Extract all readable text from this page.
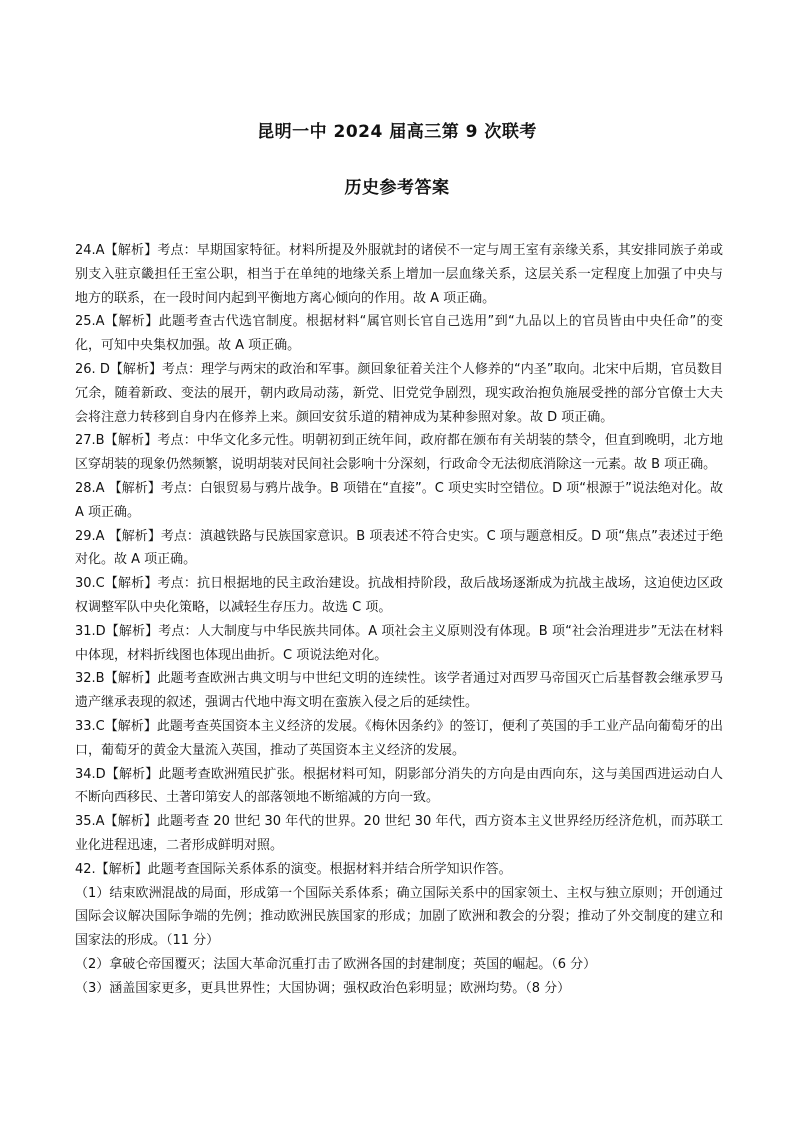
昆明一中 2024 届高三第 9 次联考
历史参考答案

24.A【解析】考点：早期国家特征。材料所提及外服就封的诸侯不一定与周王室有亲缘关系，其安排同族子弟或别支入驻京畿担任王室公职，相当于在单纯的地缘关系上增加一层血缘关系，这层关系一定程度上加强了中央与地方的联系，在一段时间内起到平衡地方离心倾向的作用。故 A 项正确。

25.A【解析】此题考查古代选官制度。根据材料“属官则长官自己选用”到“九品以上的官员皆由中央任命”的变化，可知中央集权加强。故 A 项正确。

26. D【解析】考点：理学与两宋的政治和军事。颜回象征着关注个人修养的“内圣”取向。北宋中后期，官员数目冗余，随着新政、变法的展开，朝内政局动荡，新党、旧党党争剧烈，现实政治抱负施展受挫的部分官僚士大夫会将注意力转移到自身内在修养上来。颜回安贫乐道的精神成为某种参照对象。故 D 项正确。

27.B【解析】考点：中华文化多元性。明朝初到正统年间，政府都在颁布有关胡装的禁令，但直到晚明，北方地区穿胡装的现象仍然频繁，说明胡装对民间社会影响十分深刻，行政命令无法彻底消除这一元素。故 B 项正确。

28.A 【解析】考点：白银贸易与鸦片战争。B 项错在“直接”。C 项史实时空错位。D 项“根源于”说法绝对化。故 A 项正确。

29.A 【解析】考点：滇越铁路与民族国家意识。B 项表述不符合史实。C 项与题意相反。D 项“焦点”表述过于绝对化。故 A 项正确。

30.C【解析】考点：抗日根据地的民主政治建设。抗战相持阶段，敌后战场逐渐成为抗战主战场，这迫使边区政权调整军队中央化策略，以减轻生存压力。故选 C 项。

31.D【解析】考点：人大制度与中华民族共同体。A 项社会主义原则没有体现。B 项“社会治理进步”无法在材料中体现，材料折线图也体现出曲折。C 项说法绝对化。

32.B【解析】此题考查欧洲古典文明与中世纪文明的连续性。该学者通过对西罗马帝国灭亡后基督教会继承罗马遗产继承表现的叙述，强调古代地中海文明在蛮族入侵之后的延续性。

33.C【解析】此题考查英国资本主义经济的发展。《梅休因条约》的签订，便利了英国的手工业产品向葡萄牙的出口，葡萄牙的黄金大量流入英国，推动了英国资本主义经济的发展。

34.D【解析】此题考查欧洲殖民扩张。根据材料可知，阴影部分消失的方向是由西向东，这与美国西进运动白人不断向西移民、土著印第安人的部落领地不断缩减的方向一致。

35.A【解析】此题考查 20 世纪 30 年代的世界。20 世纪 30 年代，西方资本主义世界经历经济危机，而苏联工业化进程迅速，二者形成鲜明对照。

42.【解析】此题考查国际关系体系的演变。根据材料并结合所学知识作答。

（1）结束欧洲混战的局面，形成第一个国际关系体系；确立国际关系中的国家领土、主权与独立原则；开创通过国际会议解决国际争端的先例；推动欧洲民族国家的形成；加剧了欧洲和教会的分裂；推动了外交制度的建立和国家法的形成。（11 分）

（2）拿破仑帝国覆灭；法国大革命沉重打击了欧洲各国的封建制度；英国的崛起。（6 分）

（3）涵盖国家更多，更具世界性；大国协调；强权政治色彩明显；欧洲均势。（8 分）
